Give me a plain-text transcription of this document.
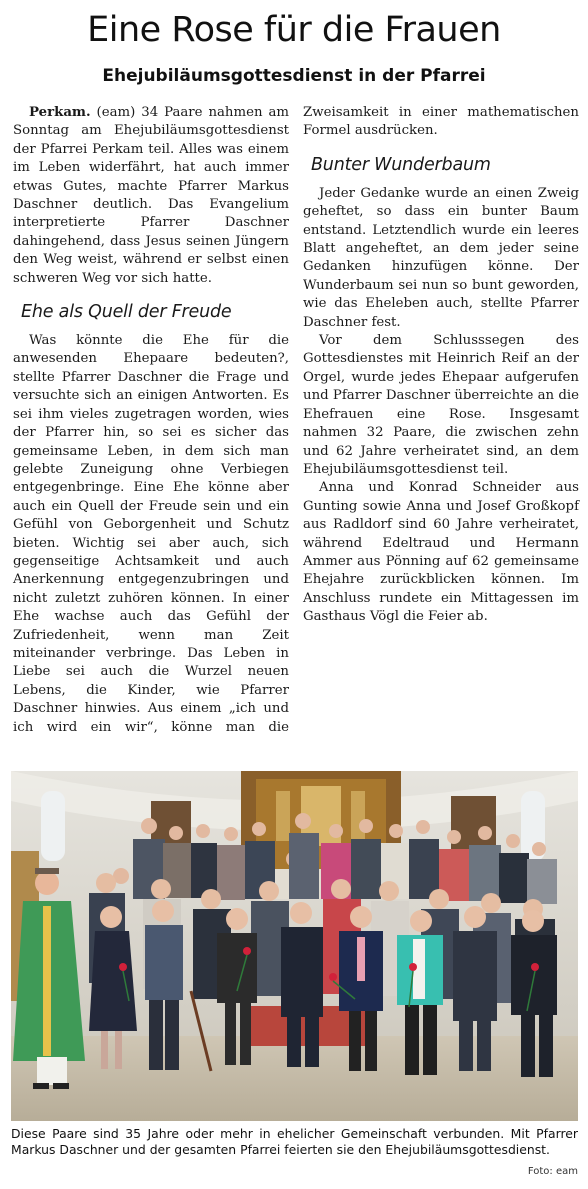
Eine Rose für die Frauen
Ehejubiläumsgottesdienst in der Pfarrei

Perkam. (eam) 34 Paare nahmen am Sonntag am Ehejubiläumsgottesdienst der Pfarrei Perkam teil. Alles was einem im Leben widerfährt, hat auch immer etwas Gutes, machte Pfarrer Markus Daschner deutlich. Das Evangelium interpretierte Pfarrer Daschner dahingehend, dass Jesus seinen Jüngern den Weg weist, während er selbst einen schweren Weg vor sich hatte.

Ehe als Quell der Freude

Was könnte die Ehe für die anwesenden Ehepaare bedeuten?, stellte Pfarrer Daschner die Frage und versuchte sich an einigen Antworten. Es sei ihm vieles zugetragen worden, wies der Pfarrer hin, so sei es sicher das gemeinsame Leben, in dem sich man gelebte Zuneigung ohne Verbiegen entgegenbringe. Eine Ehe könne aber auch ein Quell der Freude sein und ein Gefühl von Geborgenheit und Schutz bieten. Wichtig sei aber auch, sich gegenseitige Achtsamkeit und auch Anerkennung entgegenzubringen und nicht zuletzt zuhören können. In einer Ehe wachse auch das Gefühl der Zufriedenheit, wenn man Zeit miteinander verbringe. Das Leben in Liebe sei auch die Wurzel neuen Lebens, die Kinder, wie Pfarrer Daschner hinwies. Aus einem „ich und ich wird ein wir“, könne man die Zweisamkeit in einer mathematischen Formel ausdrücken.

Bunter Wunderbaum

Jeder Gedanke wurde an einen Zweig geheftet, so dass ein bunter Baum entstand. Letztendlich wurde ein leeres Blatt angeheftet, an dem jeder seine Gedanken hinzufügen könne. Der Wunderbaum sei nun so bunt geworden, wie das Eheleben auch, stellte Pfarrer Daschner fest.

Vor dem Schlusssegen des Gottesdienstes mit Heinrich Reif an der Orgel, wurde jedes Ehepaar aufgerufen und Pfarrer Daschner überreichte an die Ehefrauen eine Rose. Insgesamt nahmen 32 Paare, die zwischen zehn und 62 Jahre verheiratet sind, an dem Ehejubiläumsgottesdienst teil.

Anna und Konrad Schneider aus Gunting sowie Anna und Josef Großkopf aus Radldorf sind 60 Jahre verheiratet, während Edeltraud und Hermann Ammer aus Pönning auf 62 gemeinsame Ehejahre zurückblicken können. Im Anschluss rundete ein Mittagessen im Gasthaus Vögl die Feier ab.

Diese Paare sind 35 Jahre oder mehr in ehelicher Gemeinschaft verbunden. Mit Pfarrer Markus Daschner und der gesamten Pfarrei feierten sie den Ehejubiläumsgottesdienst.

Foto: eam
